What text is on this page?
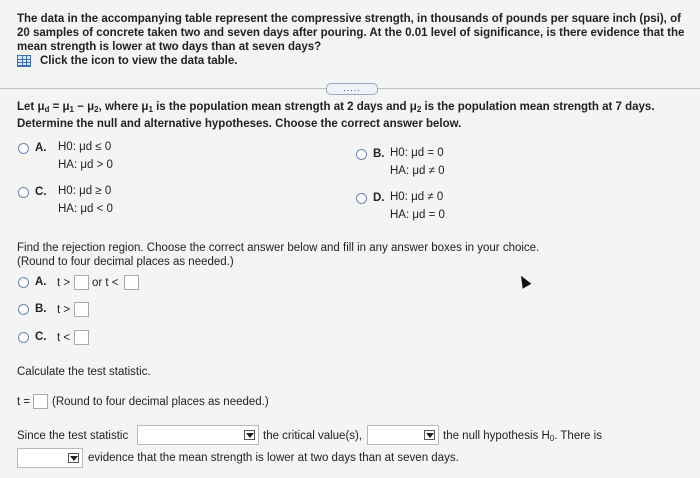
The data in the accompanying table represent the compressive strength, in thousands of pounds per square inch (psi), of 20 samples of concrete taken two and seven days after pouring. At the 0.01 level of significance, is there evidence that the mean strength is lower at two days than at seven days?
Click the icon to view the data table.
.....
Let $\mu_d = \mu_1 - \mu_2$, where $\mu_1$ is the population mean strength at 2 days and $\mu_2$ is the population mean strength at 7 days.
Determine the null and alternative hypotheses. Choose the correct answer below.
A. H0: μd ≤ 0
HA: μd > 0
B. H0: μd = 0
HA: μd ≠ 0
C. H0: μd ≥ 0
HA: μd < 0
D. H0: μd ≠ 0
HA: μd = 0
Find the rejection region. Choose the correct answer below and fill in any answer boxes in your choice.
(Round to four decimal places as needed.)
A. t > or t <
B. t >
C. t <
Calculate the test statistic.
t = (Round to four decimal places as needed.)
Since the test statistic	the critical value(s),	the null hypothesis $H_0$. There is
evidence that the mean strength is lower at two days than at seven days.
